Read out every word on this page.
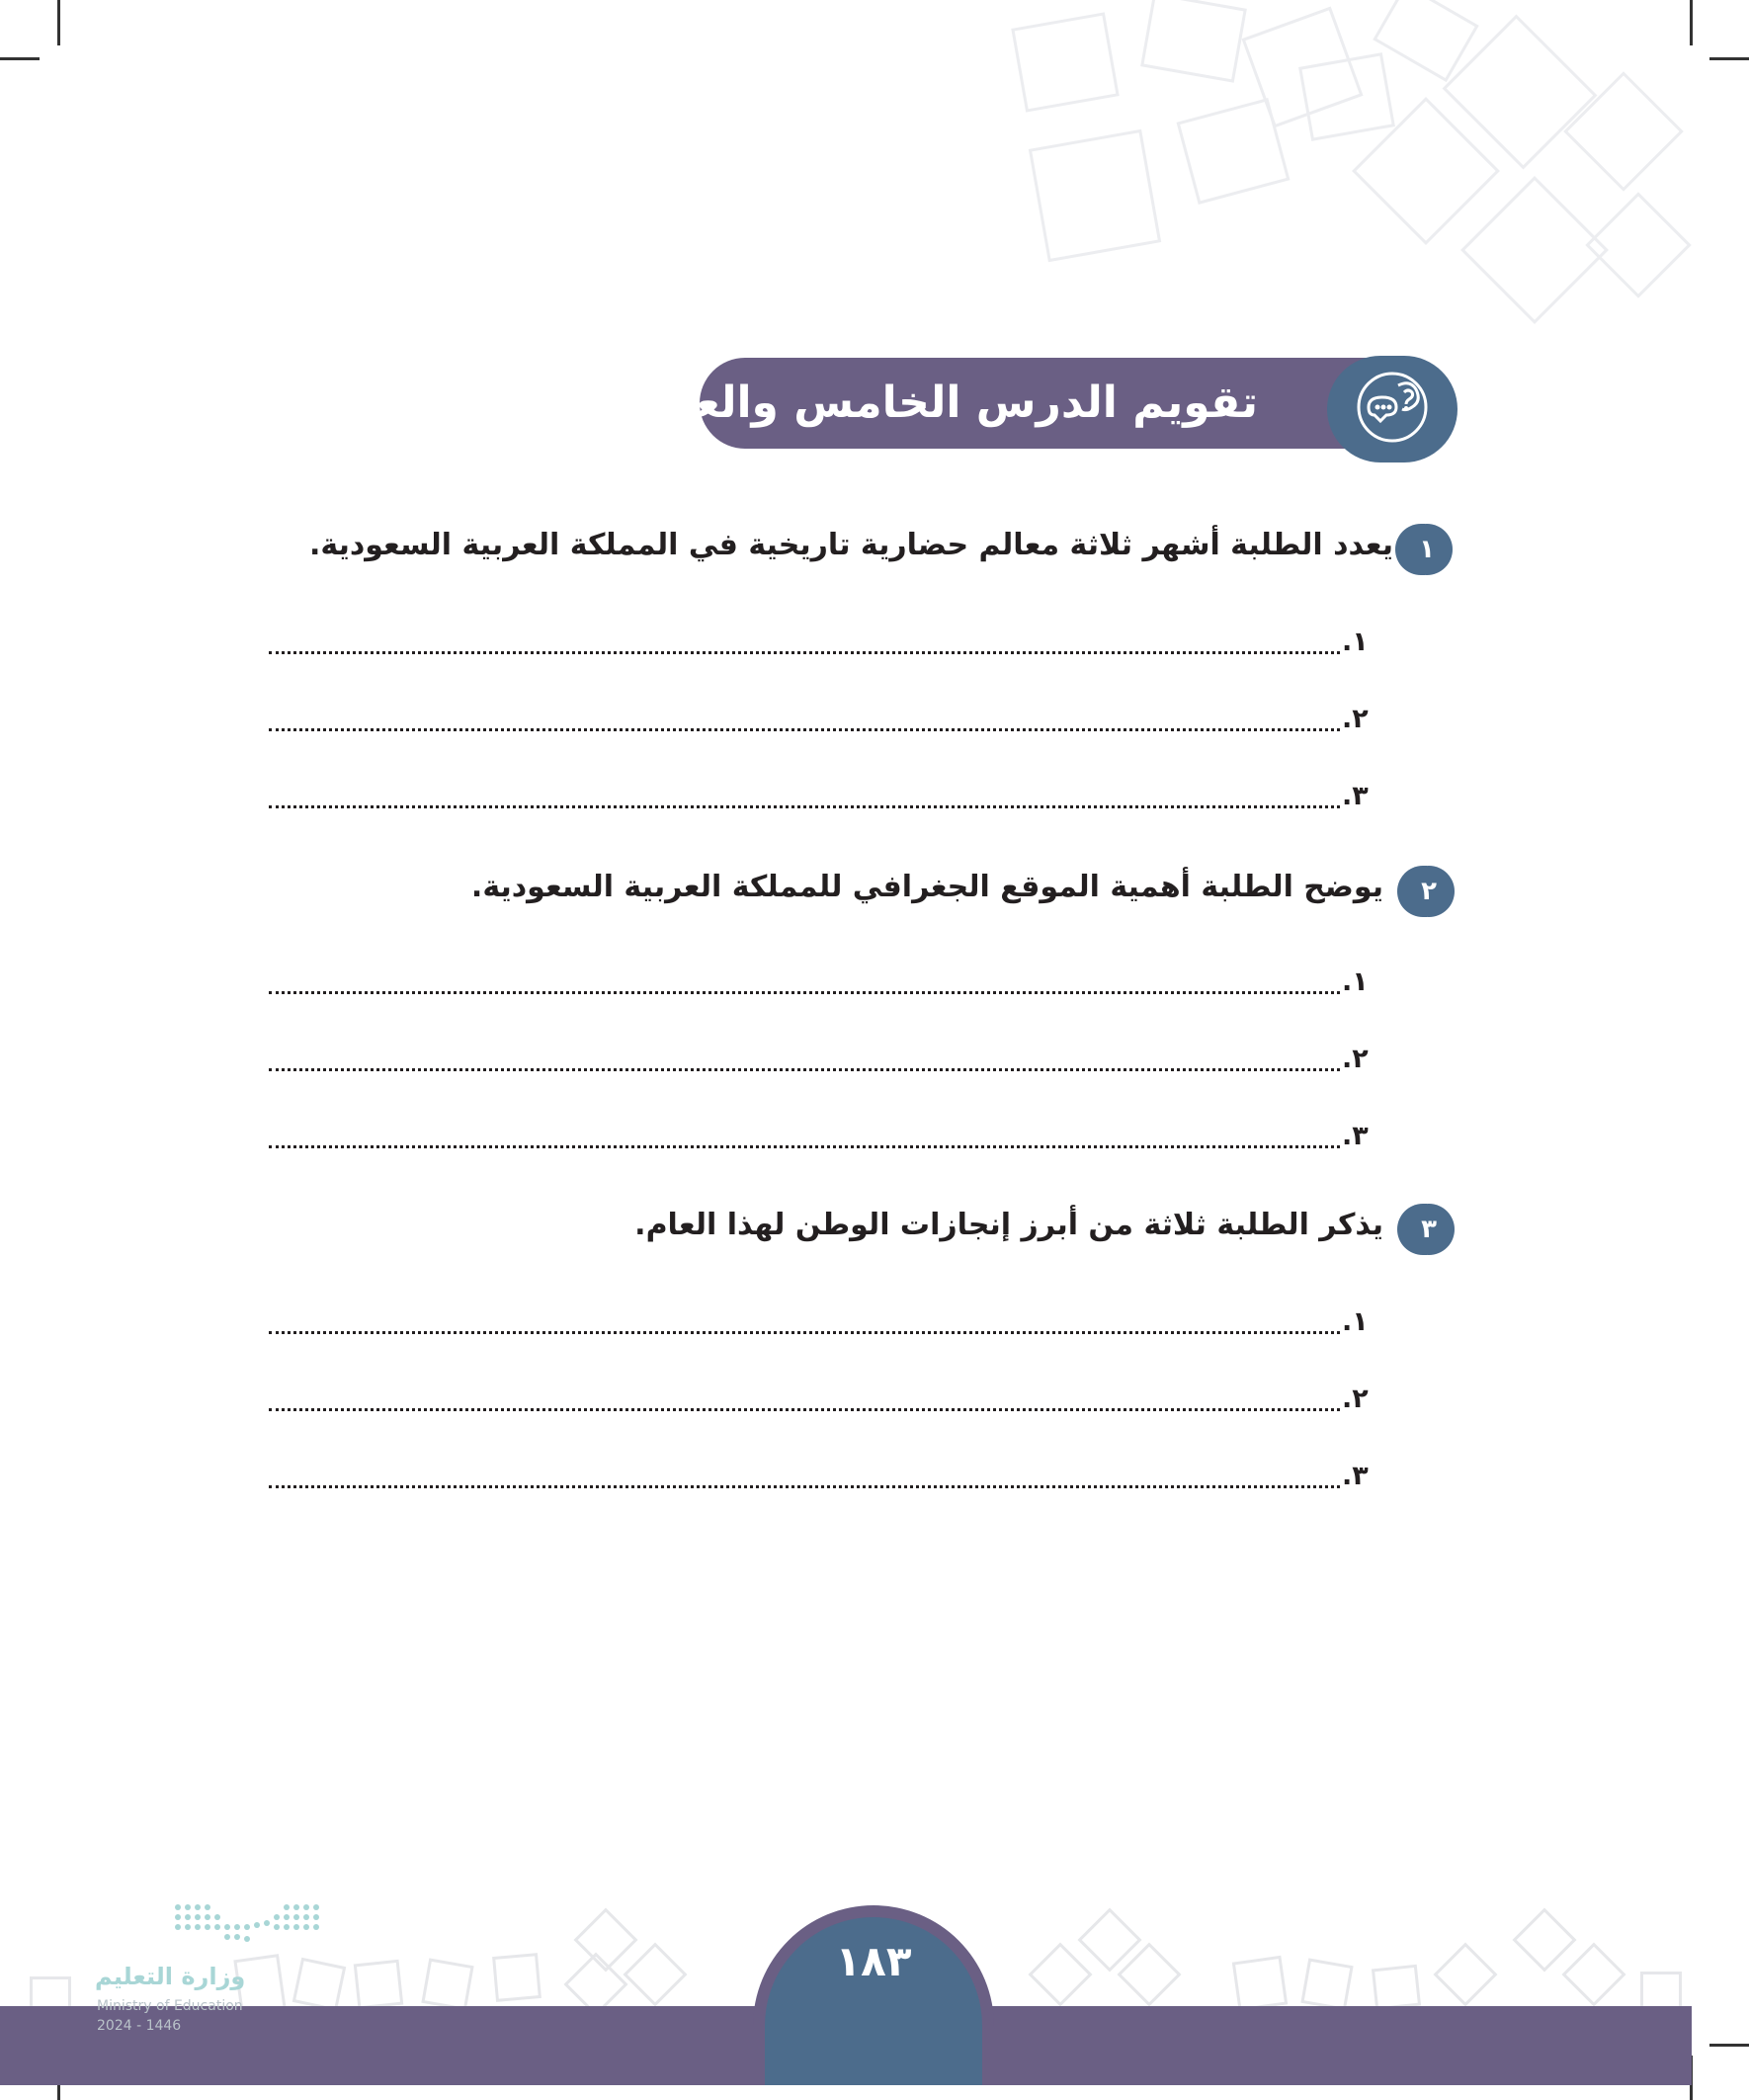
تقويم الدرس الخامس والعشرين
١
يعدد الطلبة أشهر ثلاثة معالم حضارية تاريخية في المملكة العربية السعودية.
١.
٢.
٣.
٢
يوضح الطلبة أهمية الموقع الجغرافي للمملكة العربية السعودية.
١.
٢.
٣.
٣
يذكر الطلبة ثلاثة من أبرز إنجازات الوطن لهذا العام.
١.
٢.
٣.
١٨٣
وزارة التعليم
Ministry of Education
2024 - 1446
